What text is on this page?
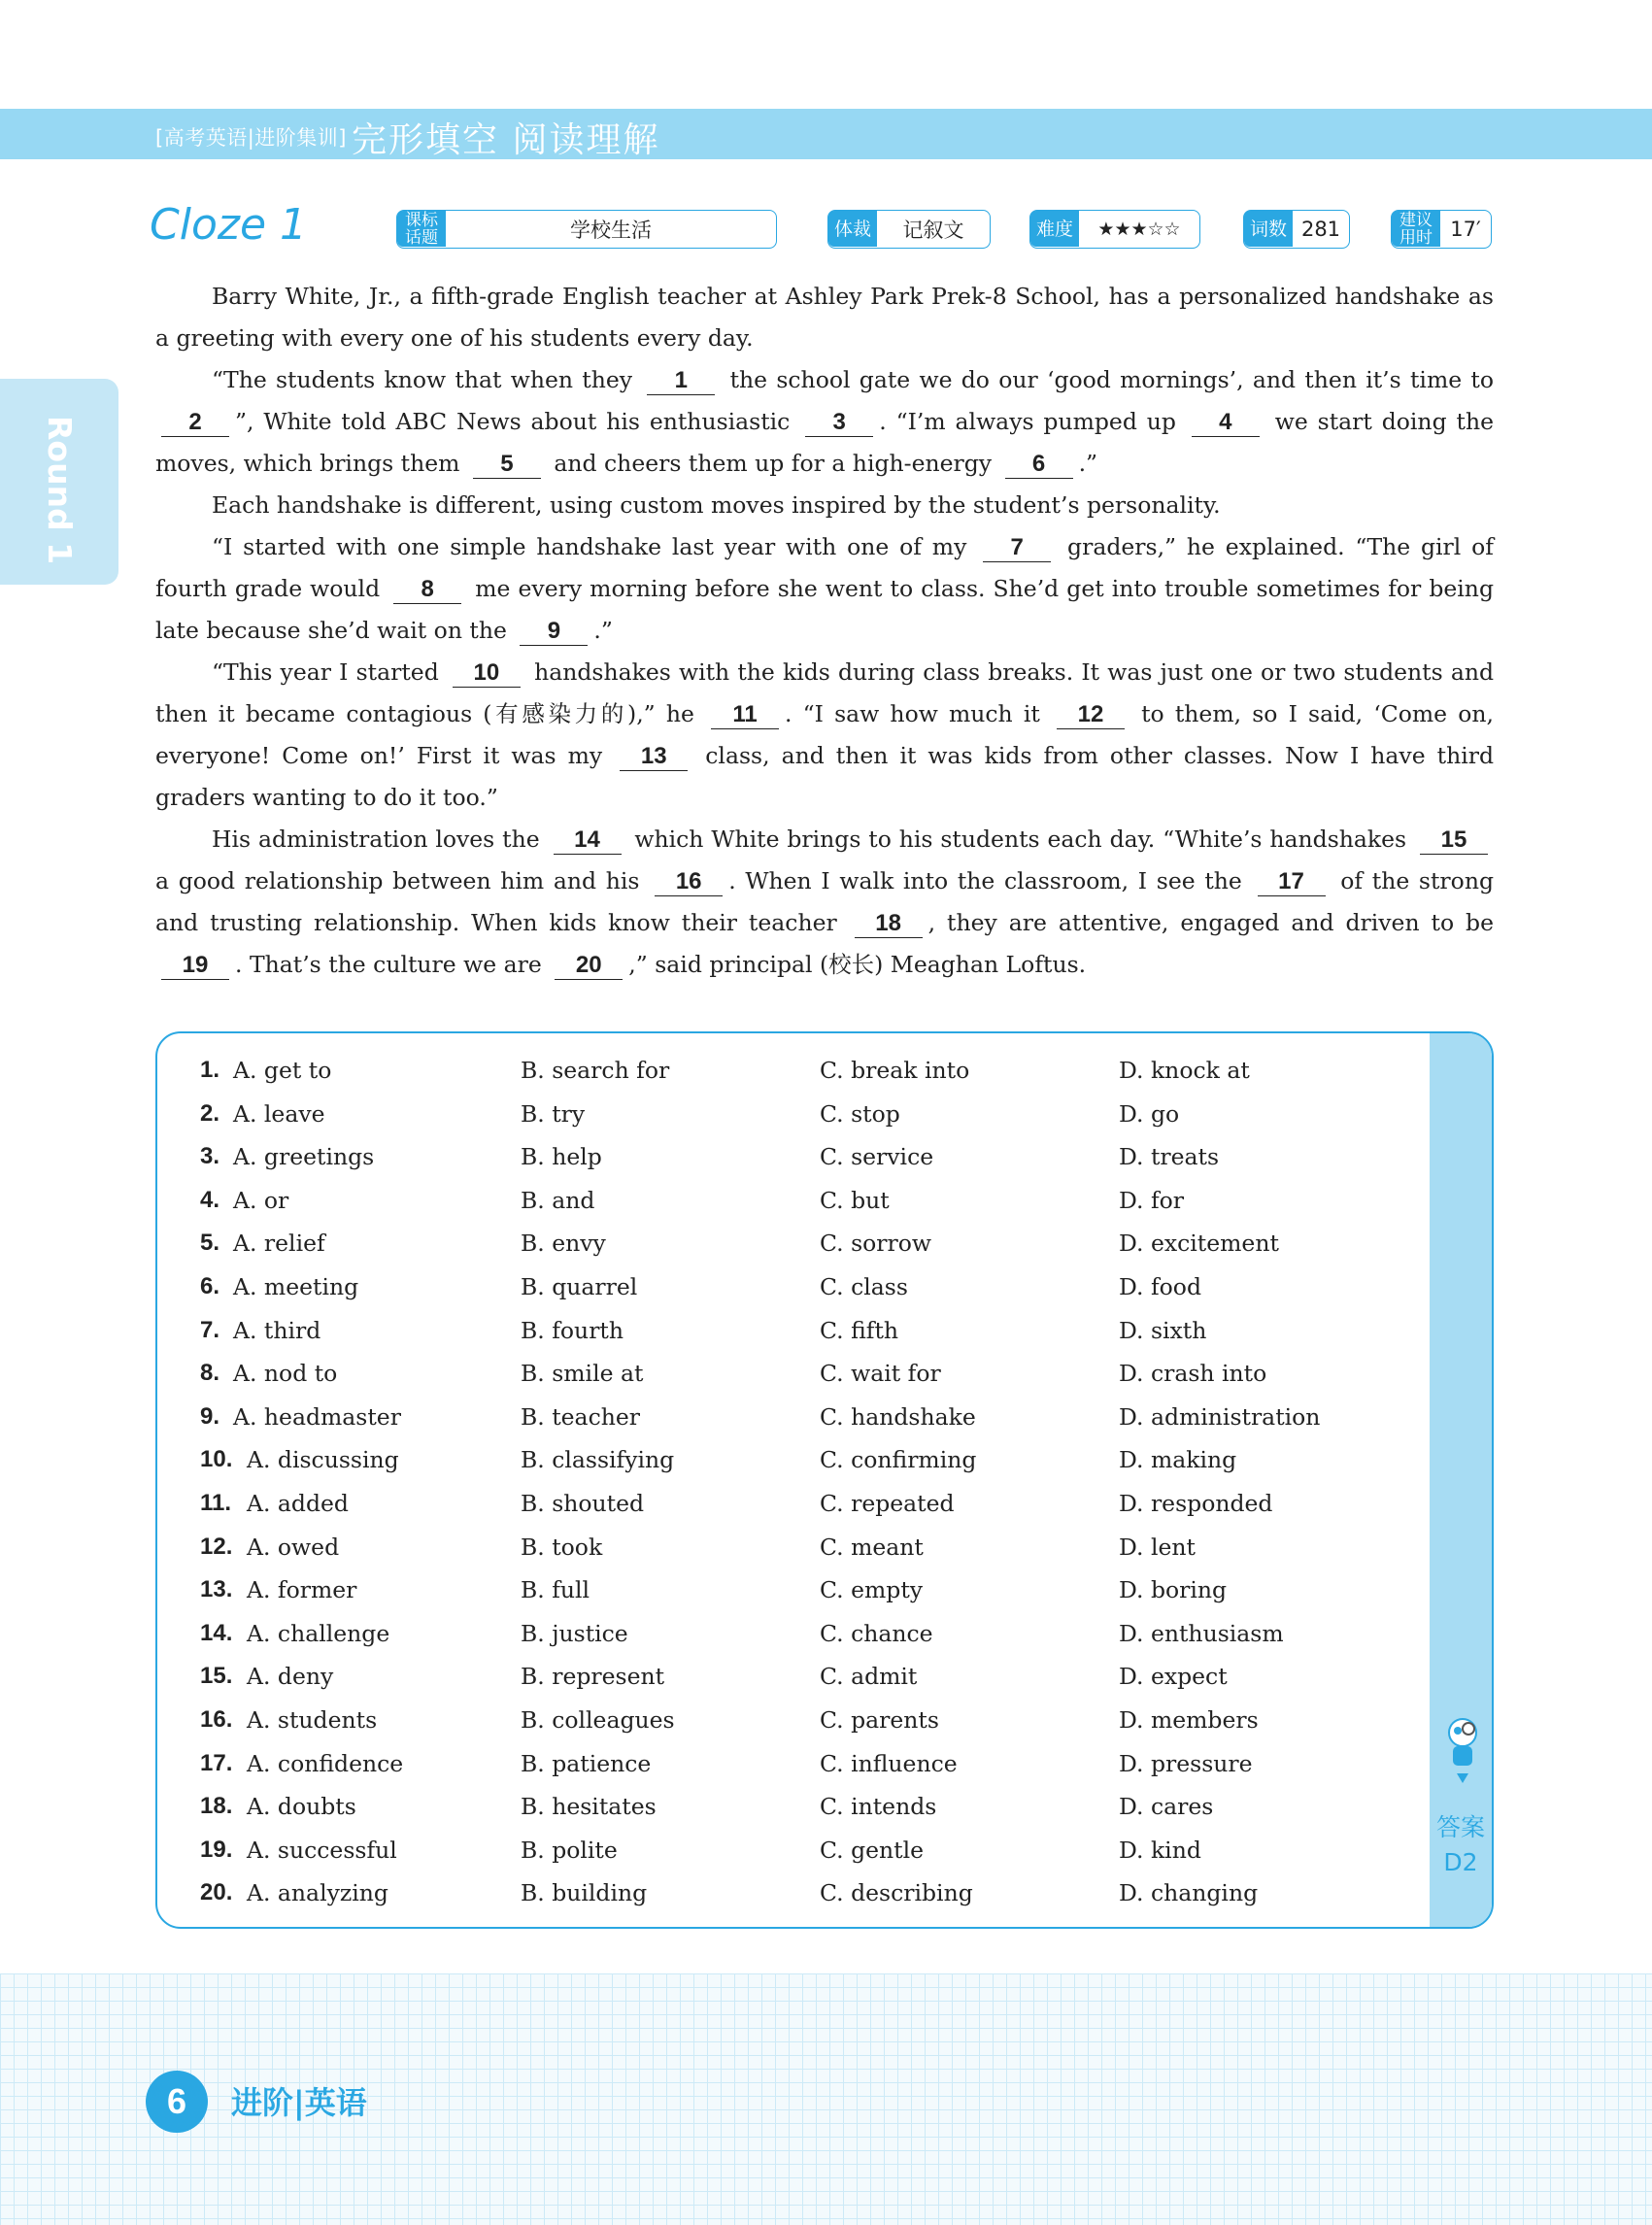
[高考英语|进阶集训] 完形填空 阅读理解
Round 1
Cloze 1	课标话题	学校生活	体裁	记叙文	难度	★★★☆☆	词数 281	建议用时 17′

Barry White, Jr., a fifth-grade English teacher at Ashley Park Prek-8 School, has a personalized handshake as a greeting with every one of his students every day.

“The students know that when they 1 the school gate we do our ‘good mornings’, and then it’s time to 2 ”, White told ABC News about his enthusiastic 3 . “I’m always pumped up 4 we start doing the moves, which brings them 5 and cheers them up for a high-energy 6 .”

Each handshake is different, using custom moves inspired by the student’s personality.

“I started with one simple handshake last year with one of my 7 graders,” he explained. “The girl of fourth grade would 8 me every morning before she went to class. She’d get into trouble sometimes for being late because she’d wait on the 9 .”

“This year I started 10 handshakes with the kids during class breaks. It was just one or two students and then it became contagious (有感染力的),” he 11 . “I saw how much it 12 to them, so I said, ‘Come on, everyone! Come on!’ First it was my 13 class, and then it was kids from other classes. Now I have third graders wanting to do it too.”

His administration loves the 14 which White brings to his students each day. “White’s handshakes 15 a good relationship between him and his 16 . When I walk into the classroom, I see the 17 of the strong and trusting relationship. When kids know their teacher 18 , they are attentive, engaged and driven to be 19 . That’s the culture we are 20 ,” said principal (校长) Meaghan Loftus.

1. A. get to	B. search for	C. break into	D. knock at
2. A. leave	B. try	C. stop	D. go
3. A. greetings	B. help	C. service	D. treats
4. A. or	B. and	C. but	D. for
5. A. relief	B. envy	C. sorrow	D. excitement
6. A. meeting	B. quarrel	C. class	D. food
7. A. third	B. fourth	C. fifth	D. sixth
8. A. nod to	B. smile at	C. wait for	D. crash into
9. A. headmaster	B. teacher	C. handshake	D. administration
10. A. discussing	B. classifying	C. confirming	D. making
11. A. added	B. shouted	C. repeated	D. responded
12. A. owed	B. took	C. meant	D. lent
13. A. former	B. full	C. empty	D. boring
14. A. challenge	B. justice	C. chance	D. enthusiasm
15. A. deny	B. represent	C. admit	D. expect
16. A. students	B. colleagues	C. parents	D. members
17. A. confidence	B. patience	C. influence	D. pressure
18. A. doubts	B. hesitates	C. intends	D. cares
19. A. successful	B. polite	C. gentle	D. kind
20. A. analyzing	B. building	C. describing	D. changing
答案
D2
6	进阶|英语
